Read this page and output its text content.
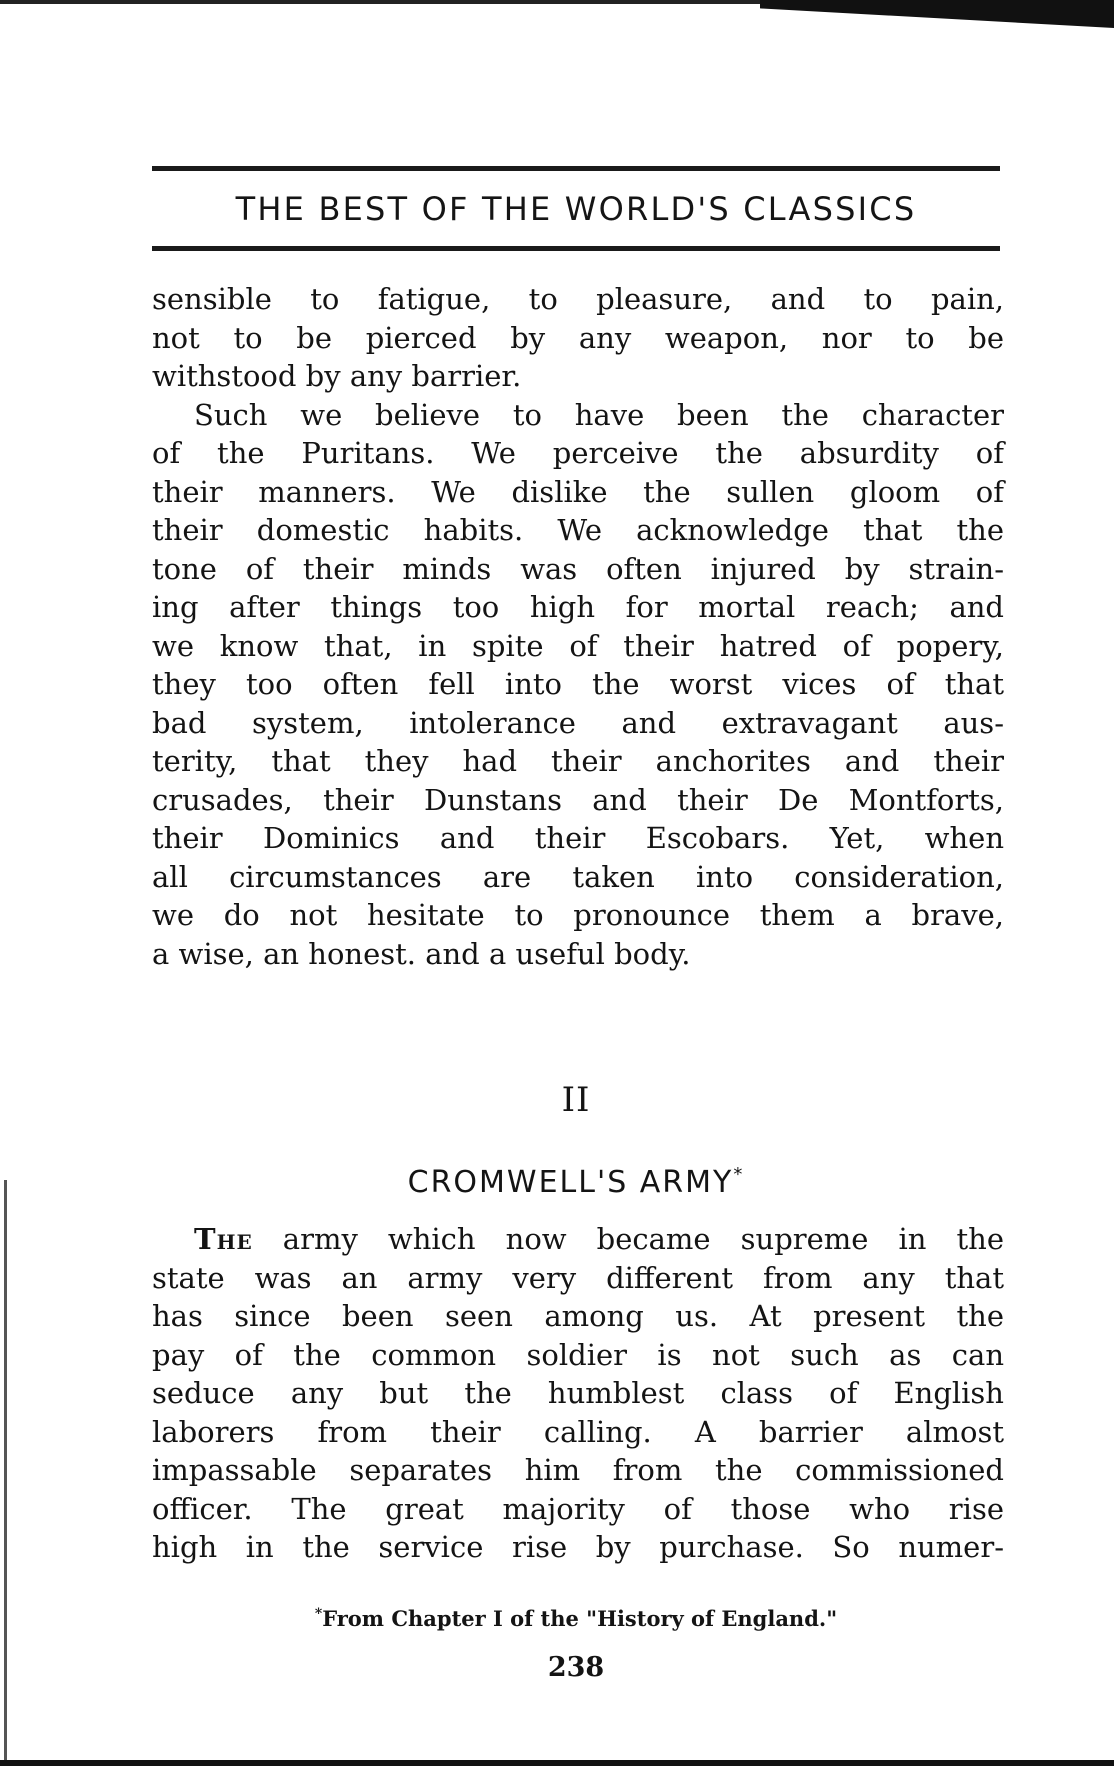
THE BEST OF THE WORLD'S CLASSICS
sensible to fatigue, to pleasure, and to pain,
not to be pierced by any weapon, nor to be
withstood by any barrier.
Such we believe to have been the character
of the Puritans. We perceive the absurdity of
their manners. We dislike the sullen gloom of
their domestic habits. We acknowledge that the
tone of their minds was often injured by strain-
ing after things too high for mortal reach; and
we know that, in spite of their hatred of popery,
they too often fell into the worst vices of that
bad system, intolerance and extravagant aus-
terity, that they had their anchorites and their
crusades, their Dunstans and their De Montforts,
their Dominics and their Escobars. Yet, when
all circumstances are taken into consideration,
we do not hesitate to pronounce them a brave,
a wise, an honest. and a useful body.
II
CROMWELL'S ARMY*
The army which now became supreme in the
state was an army very different from any that
has since been seen among us. At present the
pay of the common soldier is not such as can
seduce any but the humblest class of English
laborers from their calling. A barrier almost
impassable separates him from the commissioned
officer. The great majority of those who rise
high in the service rise by purchase. So numer-
*From Chapter I of the "History of England."
238
